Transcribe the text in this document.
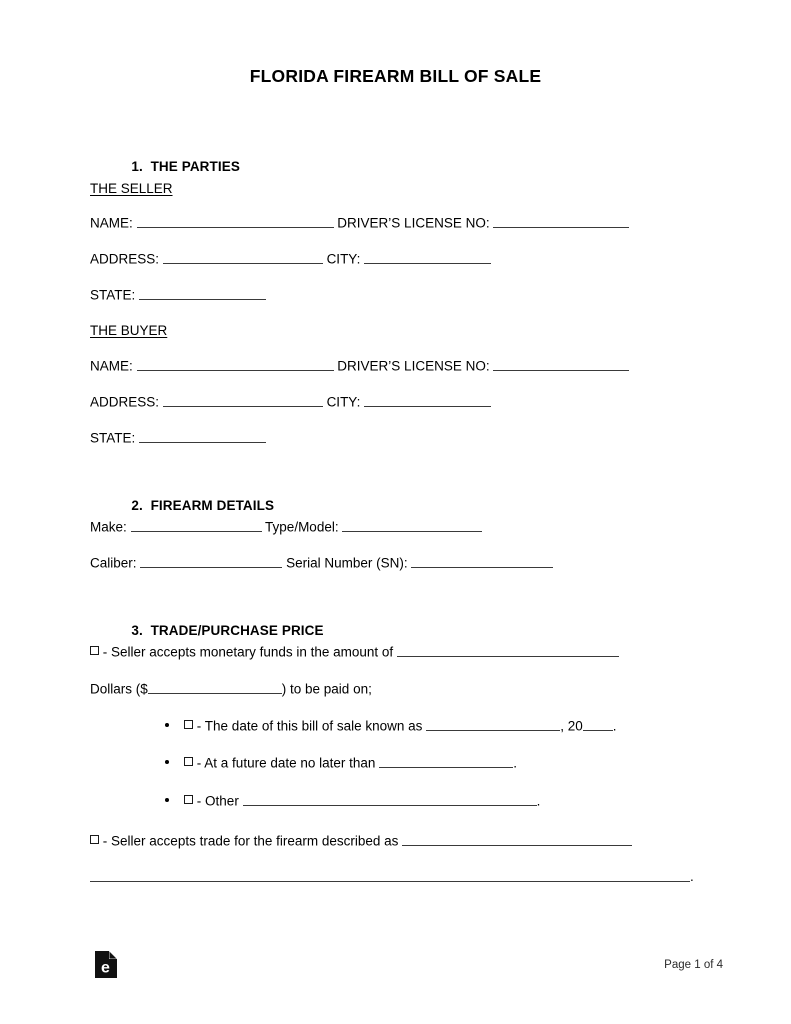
FLORIDA FIREARM BILL OF SALE

1. THE PARTIES

THE SELLER
NAME:	DRIVER’S LICENSE NO:
ADDRESS:	CITY:
STATE:
THE BUYER
NAME:	DRIVER’S LICENSE NO:
ADDRESS:	CITY:
STATE:

2. FIREARM DETAILS

Make:	Type/Model:
Caliber:	Serial Number (SN):

3. TRADE/PURCHASE PRICE

- Seller accepts monetary funds in the amount of
Dollars ($	) to be paid on;
- The date of this bill of sale known as	, 20 .
- At a future date no later than	.
- Other	.
- Seller accepts trade for the firearm described as
.
e	Page 1 of 4
